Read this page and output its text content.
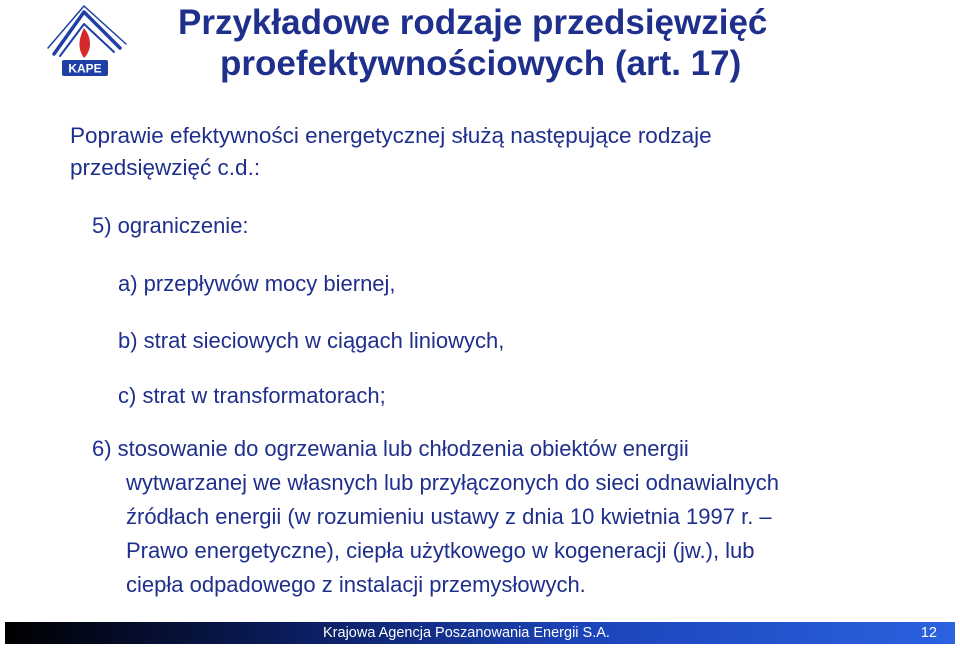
KAPE
Przykładowe rodzaje przedsięwzięć
proefektywnościowych (art. 17)

Poprawie efektywności energetycznej służą następujące rodzaje
przedsięwzięć c.d.:

5) ograniczenie:

a) przepływów mocy biernej,

b) strat sieciowych w ciągach liniowych,

c) strat w transformatorach;

6) stosowanie do ogrzewania lub chłodzenia obiektów energii
wytwarzanej we własnych lub przyłączonych do sieci odnawialnych
źródłach energii (w rozumieniu ustawy z dnia 10 kwietnia 1997 r. –
Prawo energetyczne), ciepła użytkowego w kogeneracji (jw.), lub
ciepła odpadowego z instalacji przemysłowych.

Krajowa Agencja Poszanowania Energii S.A.	12
